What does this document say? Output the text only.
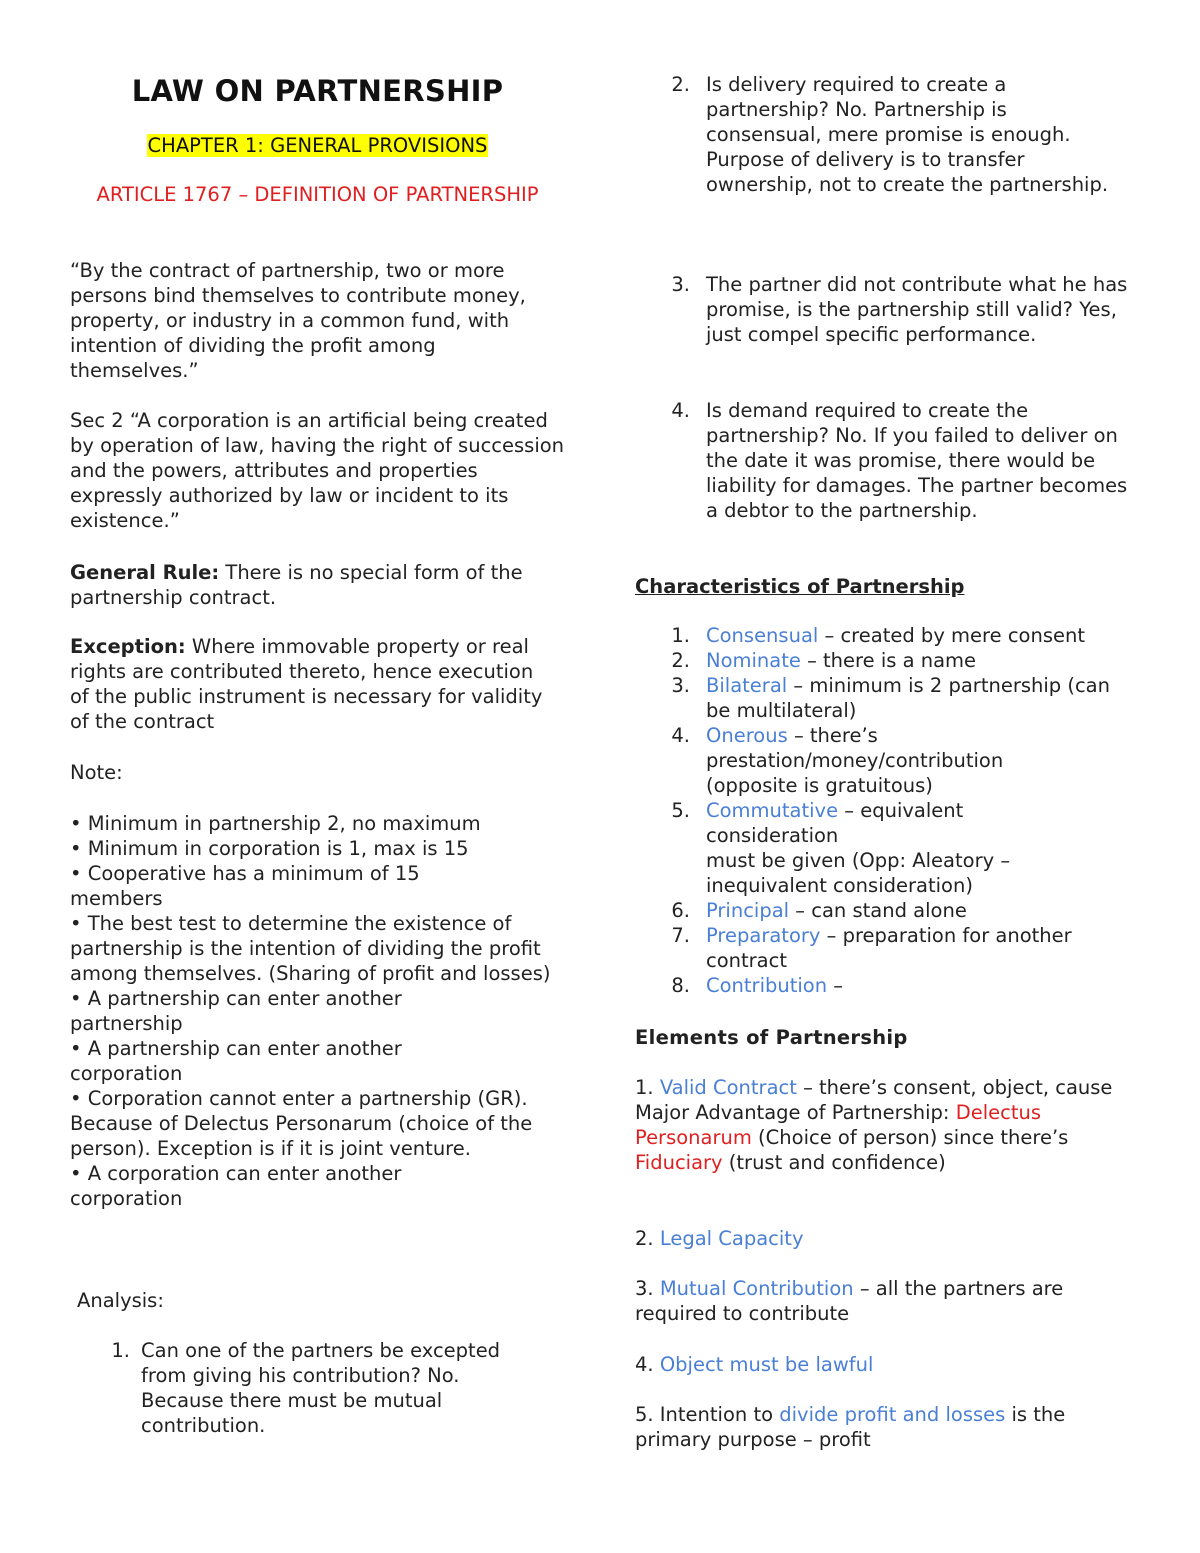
LAW ON PARTNERSHIP
CHAPTER 1: GENERAL PROVISIONS
ARTICLE 1767 – DEFINITION OF PARTNERSHIP

“By the contract of partnership, two or more persons bind themselves to contribute money, property, or industry in a common fund, with intention of dividing the profit among themselves.”

Sec 2 “A corporation is an artificial being created by operation of law, having the right of succession and the powers, attributes and properties expressly authorized by law or incident to its existence.”

General Rule: There is no special form of the partnership contract.

Exception: Where immovable property or real rights are contributed thereto, hence execution of the public instrument is necessary for validity of the contract

Note:

• Minimum in partnership 2, no maximum

• Minimum in corporation is 1, max is 15

• Cooperative has a minimum of 15 members

• The best test to determine the existence of partnership is the intention of dividing the profit among themselves. (Sharing of profit and losses)

• A partnership can enter another partnership

• A partnership can enter another corporation

• Corporation cannot enter a partnership (GR). Because of Delectus Personarum (choice of the person). Exception is if it is joint venture.

• A corporation can enter another corporation

Analysis:

1. Can one of the partners be excepted from giving his contribution? No. Because there must be mutual contribution.

2. Is delivery required to create a partnership? No. Partnership is consensual, mere promise is enough. Purpose of delivery is to transfer ownership, not to create the partnership.

3. The partner did not contribute what he has promise, is the partnership still valid? Yes, just compel specific performance.

4. Is demand required to create the partnership? No. If you failed to deliver on the date it was promise, there would be liability for damages. The partner becomes a debtor to the partnership.

Characteristics of Partnership

1. Consensual – created by mere consent

2. Nominate – there is a name

3. Bilateral – minimum is 2 partnership (can be multilateral)

4. Onerous – there’s prestation/money/contribution (opposite is gratuitous)

5. Commutative – equivalent consideration
must be given (Opp: Aleatory – inequivalent consideration)

6. Principal – can stand alone

7. Preparatory – preparation for another contract

8. Contribution –

Elements of Partnership

1. Valid Contract – there’s consent, object, cause
Major Advantage of Partnership: Delectus Personarum (Choice of person) since there’s Fiduciary (trust and confidence)

2. Legal Capacity

3. Mutual Contribution – all the partners are required to contribute

4. Object must be lawful

5. Intention to divide profit and losses is the primary purpose – profit
